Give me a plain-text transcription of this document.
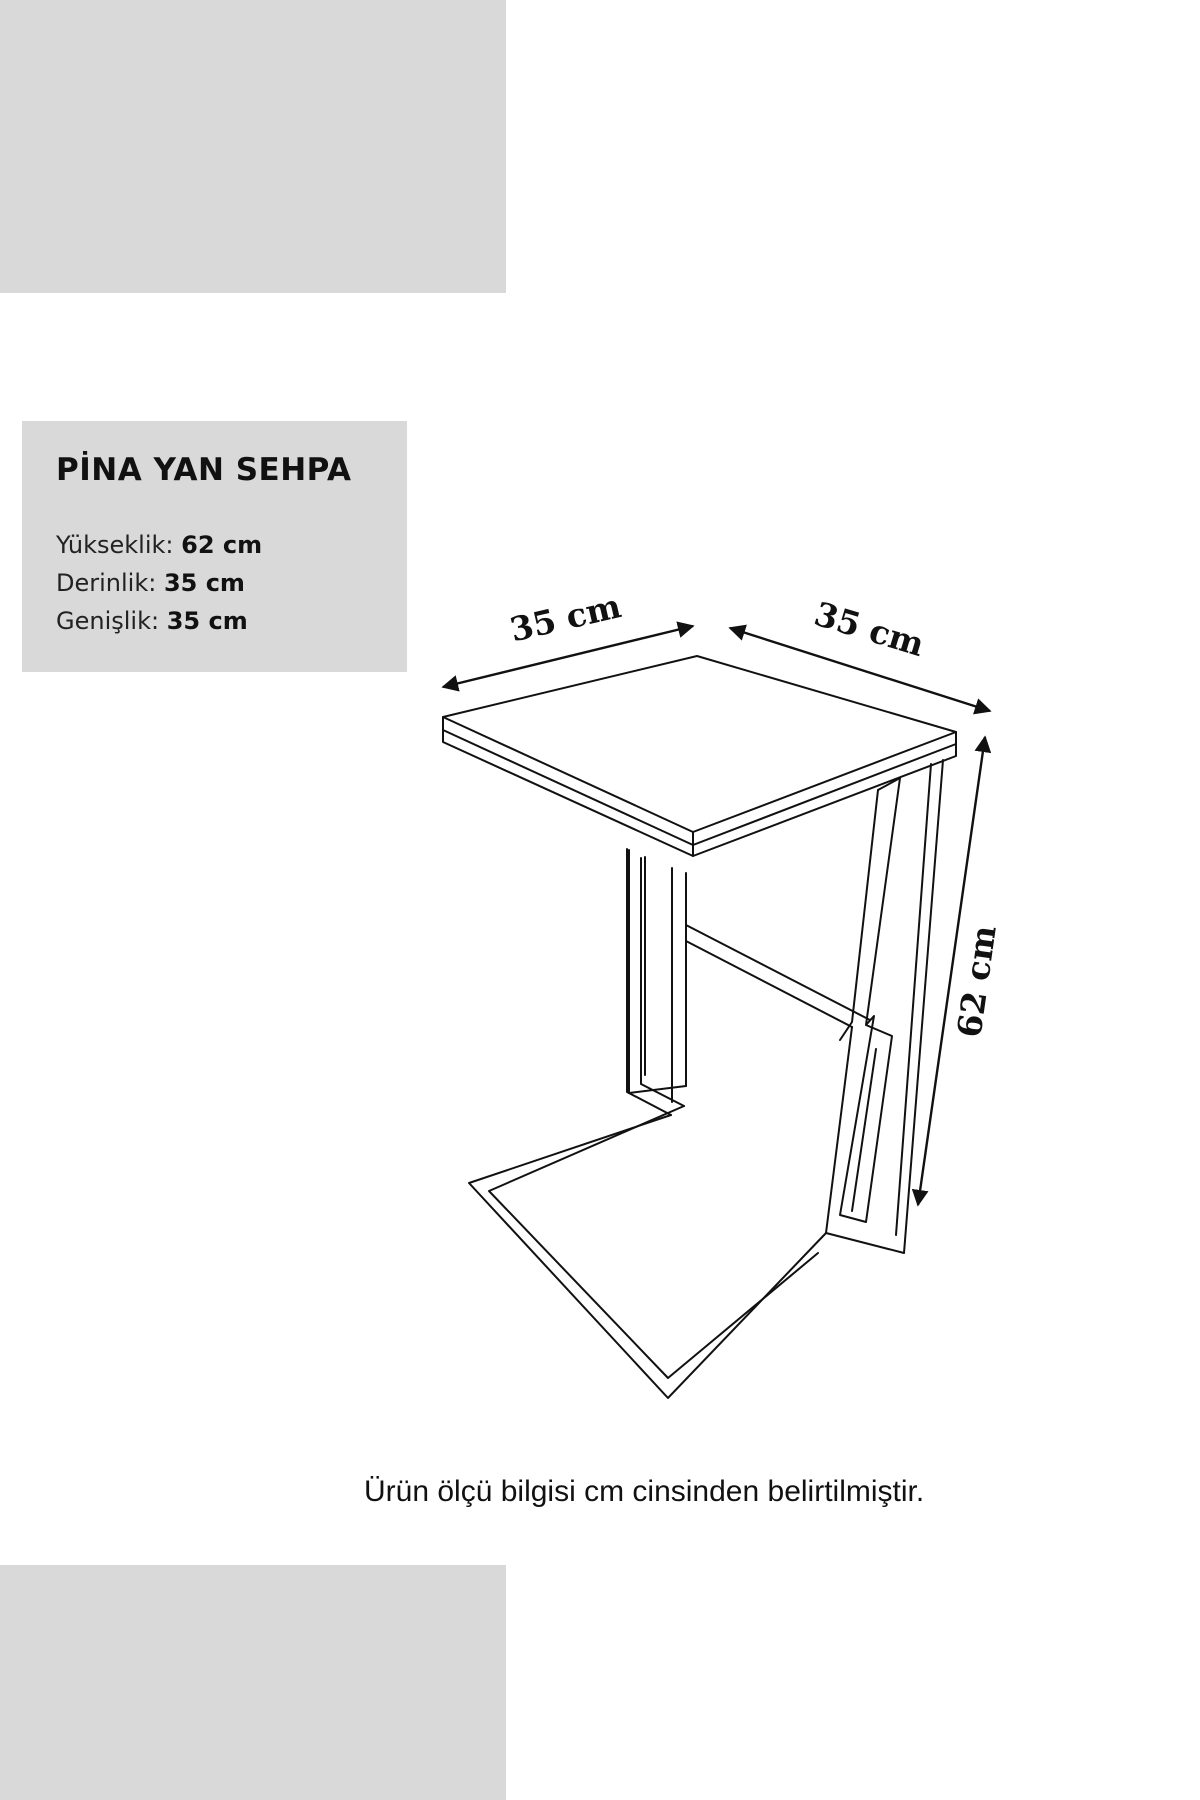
PİNA YAN SEHPA
Yükseklik: 62 cm
Derinlik: 35 cm
Genişlik: 35 cm	35 cm	35 cm
62 cm
Ürün ölçü bilgisi cm cinsinden belirtilmiştir.
